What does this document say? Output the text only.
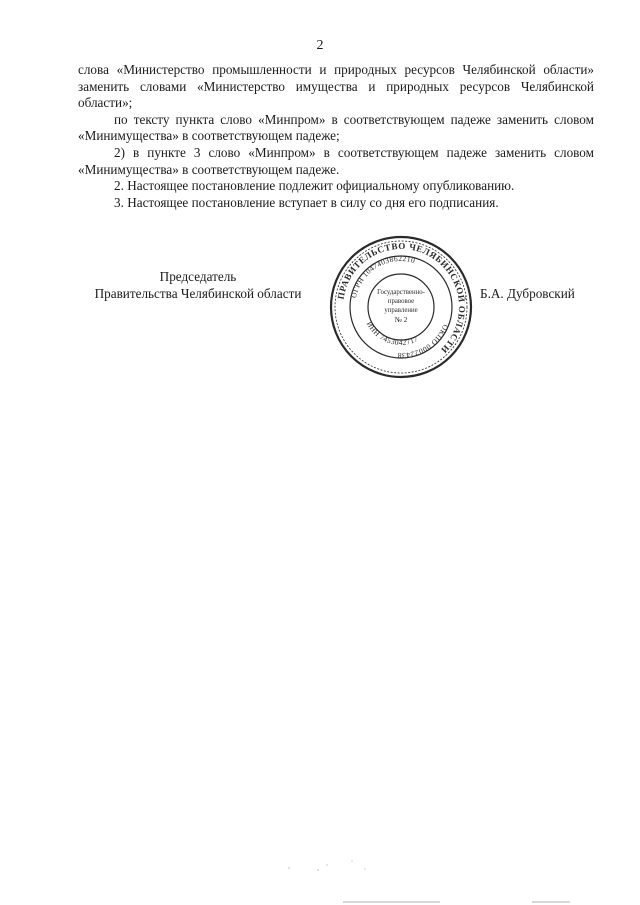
2

слова «Министерство промышленности и природных ресурсов Челябинской области» заменить словами «Министерство имущества и природных ресурсов Челябинской области»;

по тексту пункта слово «Минпром» в соответствующем падеже заменить словом «Минимущества» в соответствующем падеже;

2) в пункте 3 слово «Минпром» в соответствующем падеже заменить словом «Минимущества» в соответствующем падеже.

2. Настоящее постановление подлежит официальному опубликованию.

3. Настоящее постановление вступает в силу со дня его подписания.

Председатель
Правительства Челябинской области	Б.А. Дубровский
ПРАВИТЕЛЬСТВО ЧЕЛЯБИНСКОЙ ОБЛАСТИ
ОГРН 1047403862210
ОКПО 00022438
ИНН 7453042717
Государственно-
правовое
управление
№ 2
